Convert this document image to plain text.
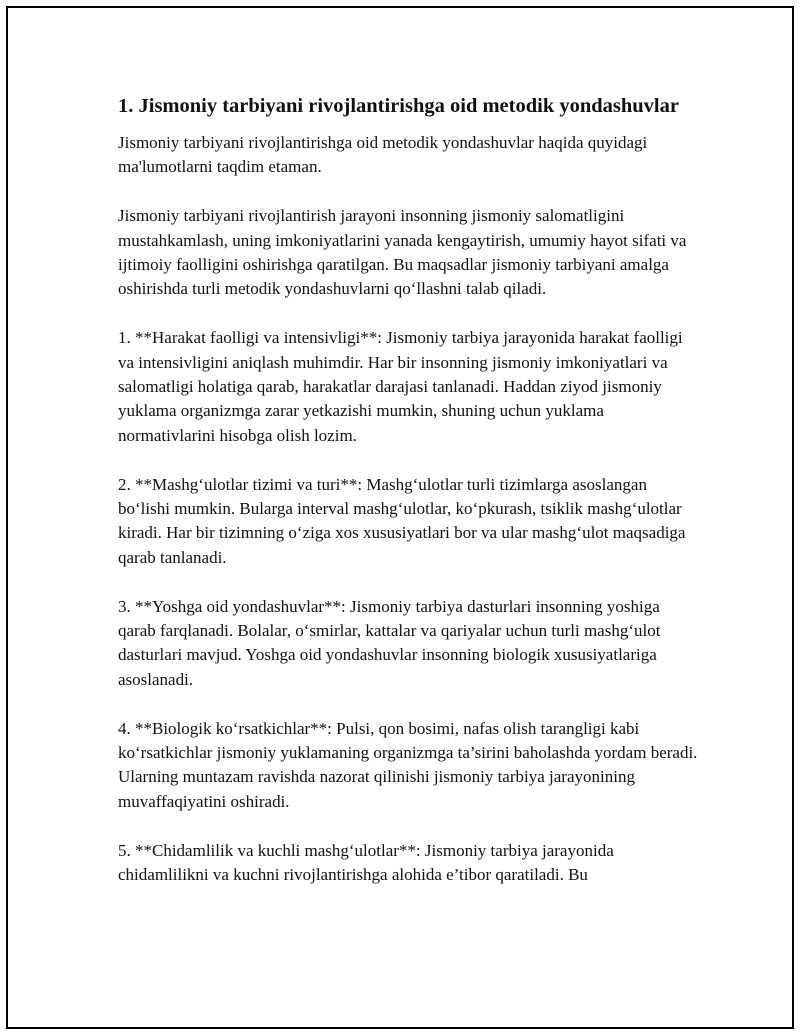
1. Jismoniy tarbiyani rivojlantirishga oid metodik yondashuvlar

Jismoniy tarbiyani rivojlantirishga oid metodik yondashuvlar haqida quyidagi ma'lumotlarni taqdim etaman.

Jismoniy tarbiyani rivojlantirish jarayoni insonning jismoniy salomatligini mustahkamlash, uning imkoniyatlarini yanada kengaytirish, umumiy hayot sifati va ijtimoiy faolligini oshirishga qaratilgan. Bu maqsadlar jismoniy tarbiyani amalga oshirishda turli metodik yondashuvlarni qo‘llashni talab qiladi.

1. **Harakat faolligi va intensivligi**: Jismoniy tarbiya jarayonida harakat faolligi va intensivligini aniqlash muhimdir. Har bir insonning jismoniy imkoniyatlari va salomatligi holatiga qarab, harakatlar darajasi tanlanadi. Haddan ziyod jismoniy yuklama organizmga zarar yetkazishi mumkin, shuning uchun yuklama normativlarini hisobga olish lozim.

2. **Mashg‘ulotlar tizimi va turi**: Mashg‘ulotlar turli tizimlarga asoslangan bo‘lishi mumkin. Bularga interval mashg‘ulotlar, ko‘pkurash, tsiklik mashg‘ulotlar kiradi. Har bir tizimning o‘ziga xos xususiyatlari bor va ular mashg‘ulot maqsadiga qarab tanlanadi.

3. **Yoshga oid yondashuvlar**: Jismoniy tarbiya dasturlari insonning yoshiga qarab farqlanadi. Bolalar, o‘smirlar, kattalar va qariyalar uchun turli mashg‘ulot dasturlari mavjud. Yoshga oid yondashuvlar insonning biologik xususiyatlariga asoslanadi.

4. **Biologik ko‘rsatkichlar**: Pulsi, qon bosimi, nafas olish tarangligi kabi ko‘rsatkichlar jismoniy yuklamaning organizmga ta’sirini baholashda yordam beradi. Ularning muntazam ravishda nazorat qilinishi jismoniy tarbiya jarayonining muvaffaqiyatini oshiradi.

5. **Chidamlilik va kuchli mashg‘ulotlar**: Jismoniy tarbiya jarayonida chidamlilikni va kuchni rivojlantirishga alohida e’tibor qaratiladi. Bu
